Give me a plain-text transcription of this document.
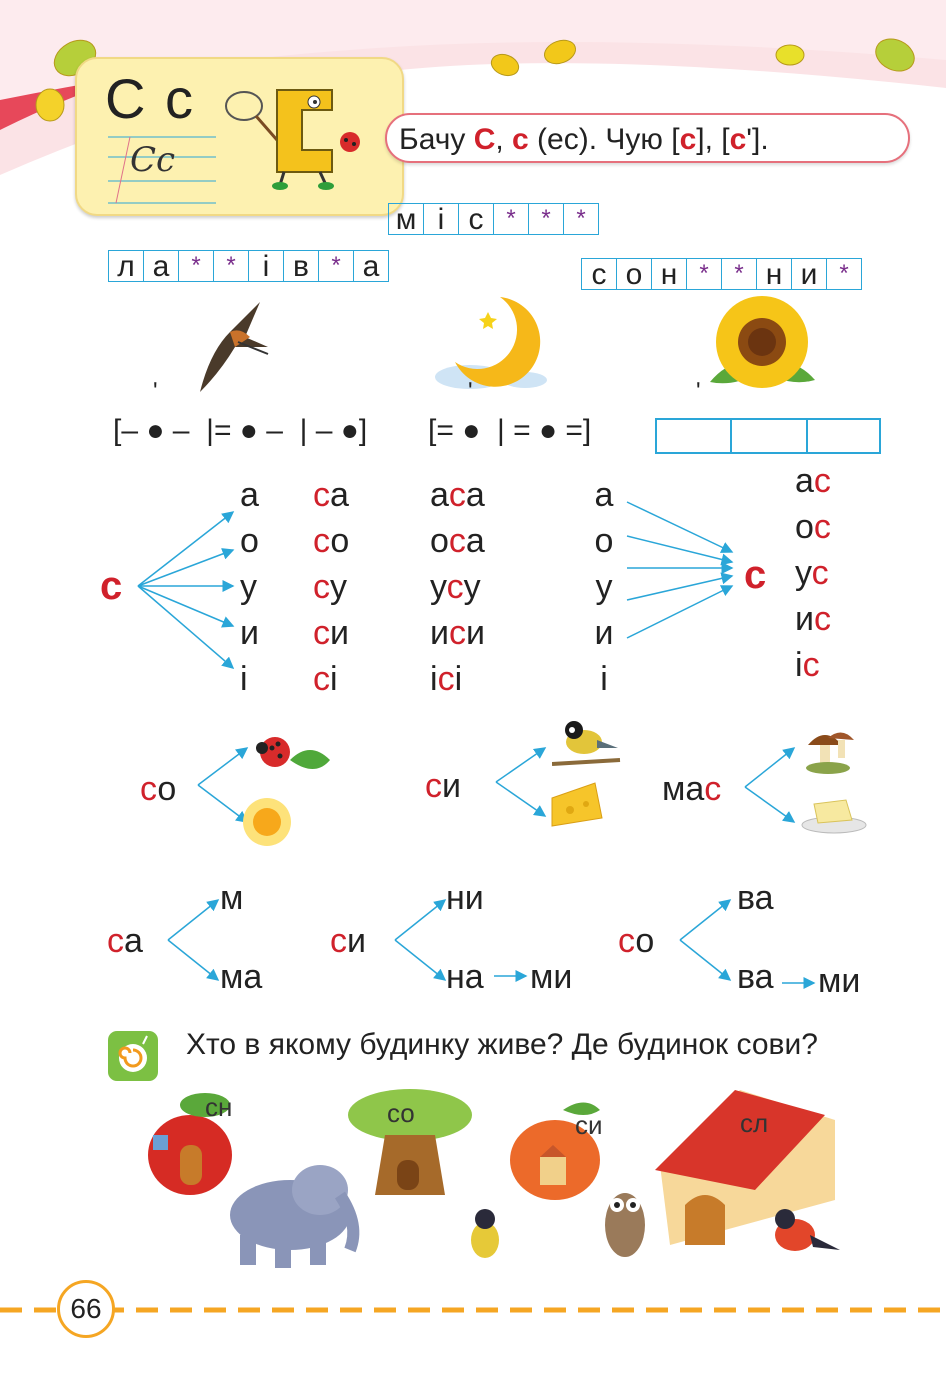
С с
Сс
Бачу С, с (ес). Чую [с], [сʹ].
м і с * * *
л а * * і в * а	с о н * * н и *
ʹ
[– ● –  |= ● –  | – ●]
ʹ
[= ●  | = ● =]
ʹ
с
а
о
у
и
і
са
со
су
си
сі
аса
оса
усу
иси
ісі
а
о
у
и
і
с
ас
ос
ус
ис
іс
со	си	мас
са
м
ма
си
ни
на ми
со
ва
ва ми
Хто в якому будинку живе? Де будинок сови?
сн	со	си	сл
66
